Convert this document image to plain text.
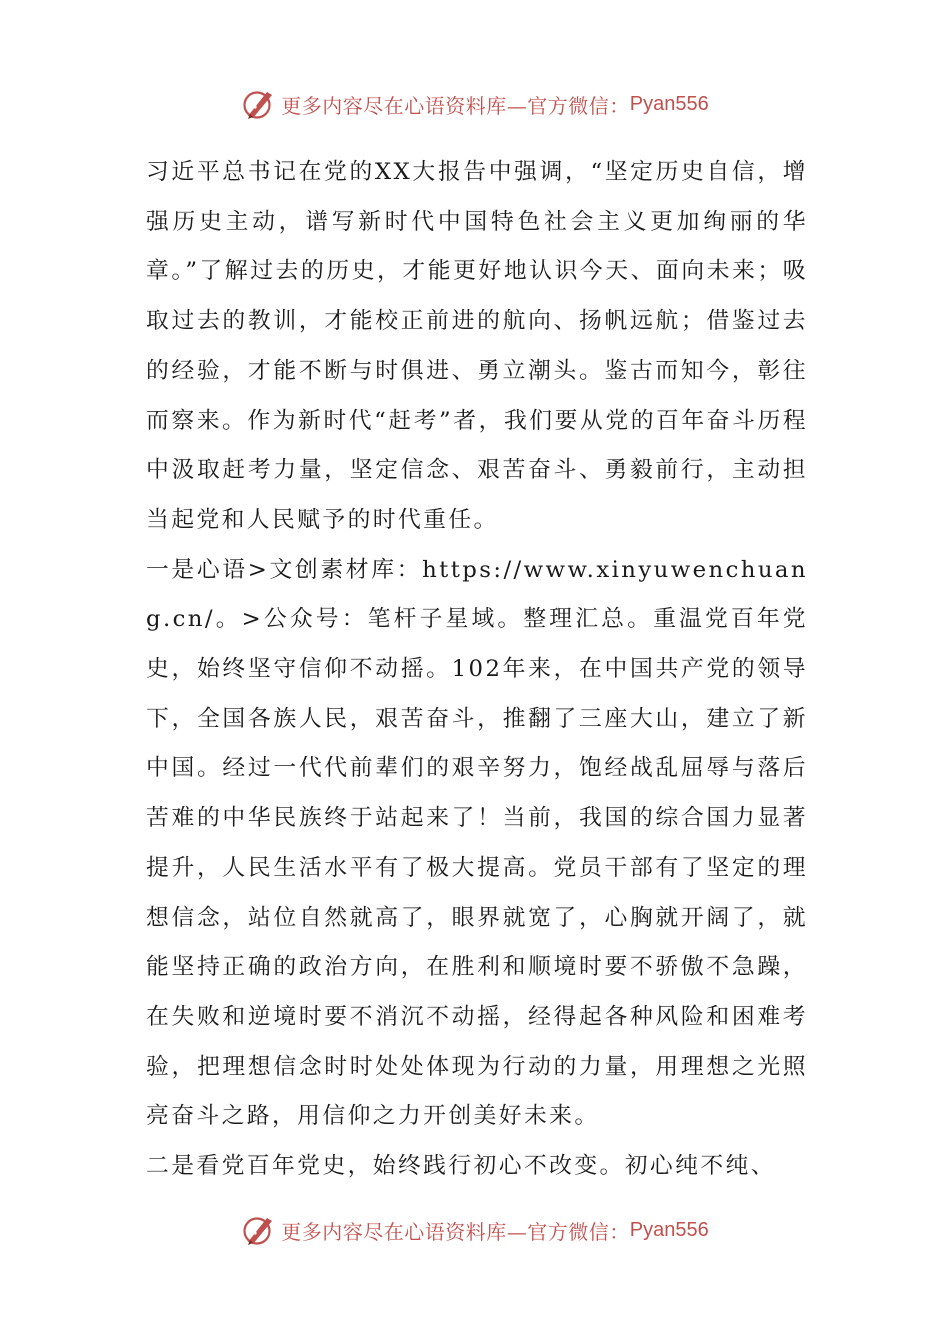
更多内容尽在心语资料库—官方微信： Pyan556

习近平总书记在党的XX大报告中强调，“坚定历史自信，增强历史主动，谱写新时代中国特色社会主义更加绚丽的华章。”了解过去的历史，才能更好地认识今天、面向未来；吸取过去的教训，才能校正前进的航向、扬帆远航；借鉴过去的经验，才能不断与时俱进、勇立潮头。鉴古而知今，彰往而察来。作为新时代“赶考”者，我们要从党的百年奋斗历程中汲取赶考力量，坚定信念、艰苦奋斗、勇毅前行，主动担当起党和人民赋予的时代重任。

一是心语>文创素材库：https://www.xinyuwenchuang.cn/。>公众号：笔杆子星域。整理汇总。重温党百年党史，始终坚守信仰不动摇。102年来，在中国共产党的领导下，全国各族人民，艰苦奋斗，推翻了三座大山，建立了新中国。经过一代代前辈们的艰辛努力，饱经战乱屈辱与落后苦难的中华民族终于站起来了！当前，我国的综合国力显著提升，人民生活水平有了极大提高。党员干部有了坚定的理想信念，站位自然就高了，眼界就宽了，心胸就开阔了，就能坚持正确的政治方向，在胜利和顺境时要不骄傲不急躁，在失败和逆境时要不消沉不动摇，经得起各种风险和困难考验，把理想信念时时处处体现为行动的力量，用理想之光照亮奋斗之路，用信仰之力开创美好未来。

二是看党百年党史，始终践行初心不改变。初心纯不纯、

更多内容尽在心语资料库—官方微信： Pyan556
